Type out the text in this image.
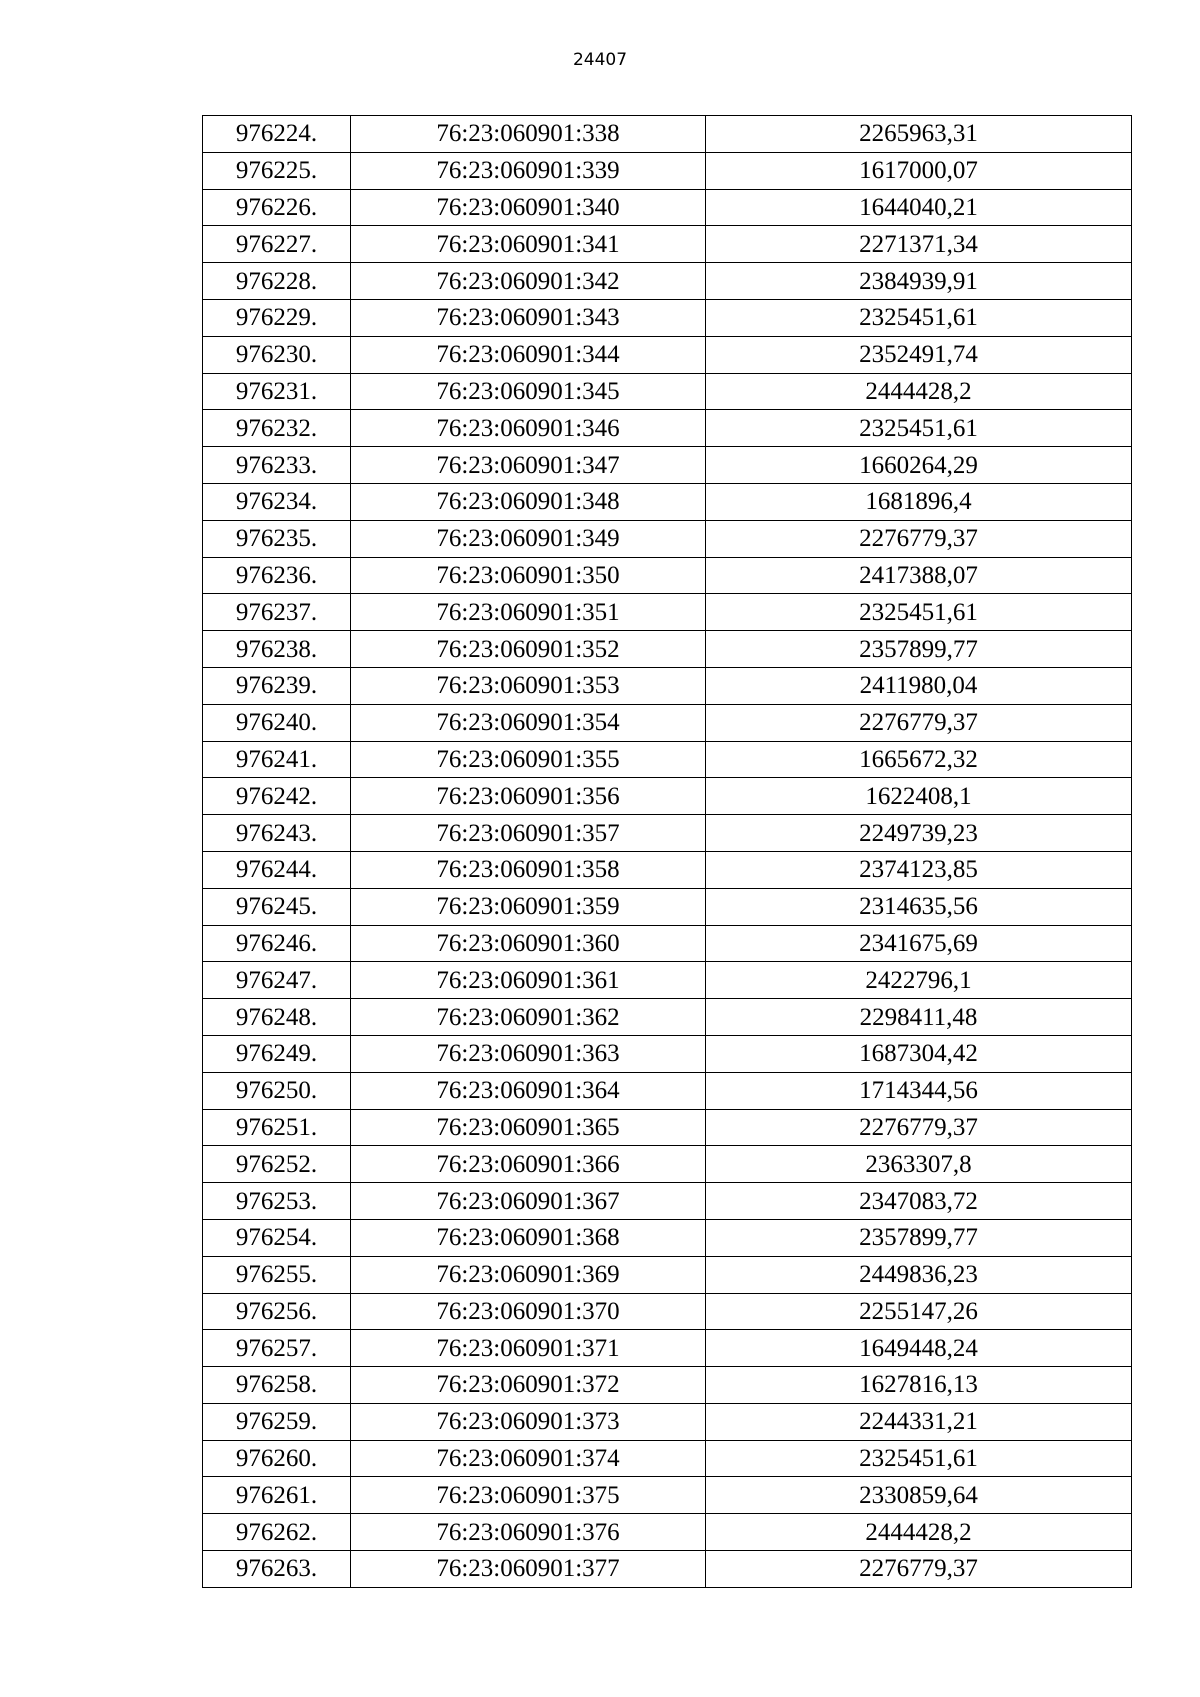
24407
976224.	76:23:060901:338	2265963,31
976225.	76:23:060901:339	1617000,07
976226.	76:23:060901:340	1644040,21
976227.	76:23:060901:341	2271371,34
976228.	76:23:060901:342	2384939,91
976229.	76:23:060901:343	2325451,61
976230.	76:23:060901:344	2352491,74
976231.	76:23:060901:345	2444428,2
976232.	76:23:060901:346	2325451,61
976233.	76:23:060901:347	1660264,29
976234.	76:23:060901:348	1681896,4
976235.	76:23:060901:349	2276779,37
976236.	76:23:060901:350	2417388,07
976237.	76:23:060901:351	2325451,61
976238.	76:23:060901:352	2357899,77
976239.	76:23:060901:353	2411980,04
976240.	76:23:060901:354	2276779,37
976241.	76:23:060901:355	1665672,32
976242.	76:23:060901:356	1622408,1
976243.	76:23:060901:357	2249739,23
976244.	76:23:060901:358	2374123,85
976245.	76:23:060901:359	2314635,56
976246.	76:23:060901:360	2341675,69
976247.	76:23:060901:361	2422796,1
976248.	76:23:060901:362	2298411,48
976249.	76:23:060901:363	1687304,42
976250.	76:23:060901:364	1714344,56
976251.	76:23:060901:365	2276779,37
976252.	76:23:060901:366	2363307,8
976253.	76:23:060901:367	2347083,72
976254.	76:23:060901:368	2357899,77
976255.	76:23:060901:369	2449836,23
976256.	76:23:060901:370	2255147,26
976257.	76:23:060901:371	1649448,24
976258.	76:23:060901:372	1627816,13
976259.	76:23:060901:373	2244331,21
976260.	76:23:060901:374	2325451,61
976261.	76:23:060901:375	2330859,64
976262.	76:23:060901:376	2444428,2
976263.	76:23:060901:377	2276779,37
